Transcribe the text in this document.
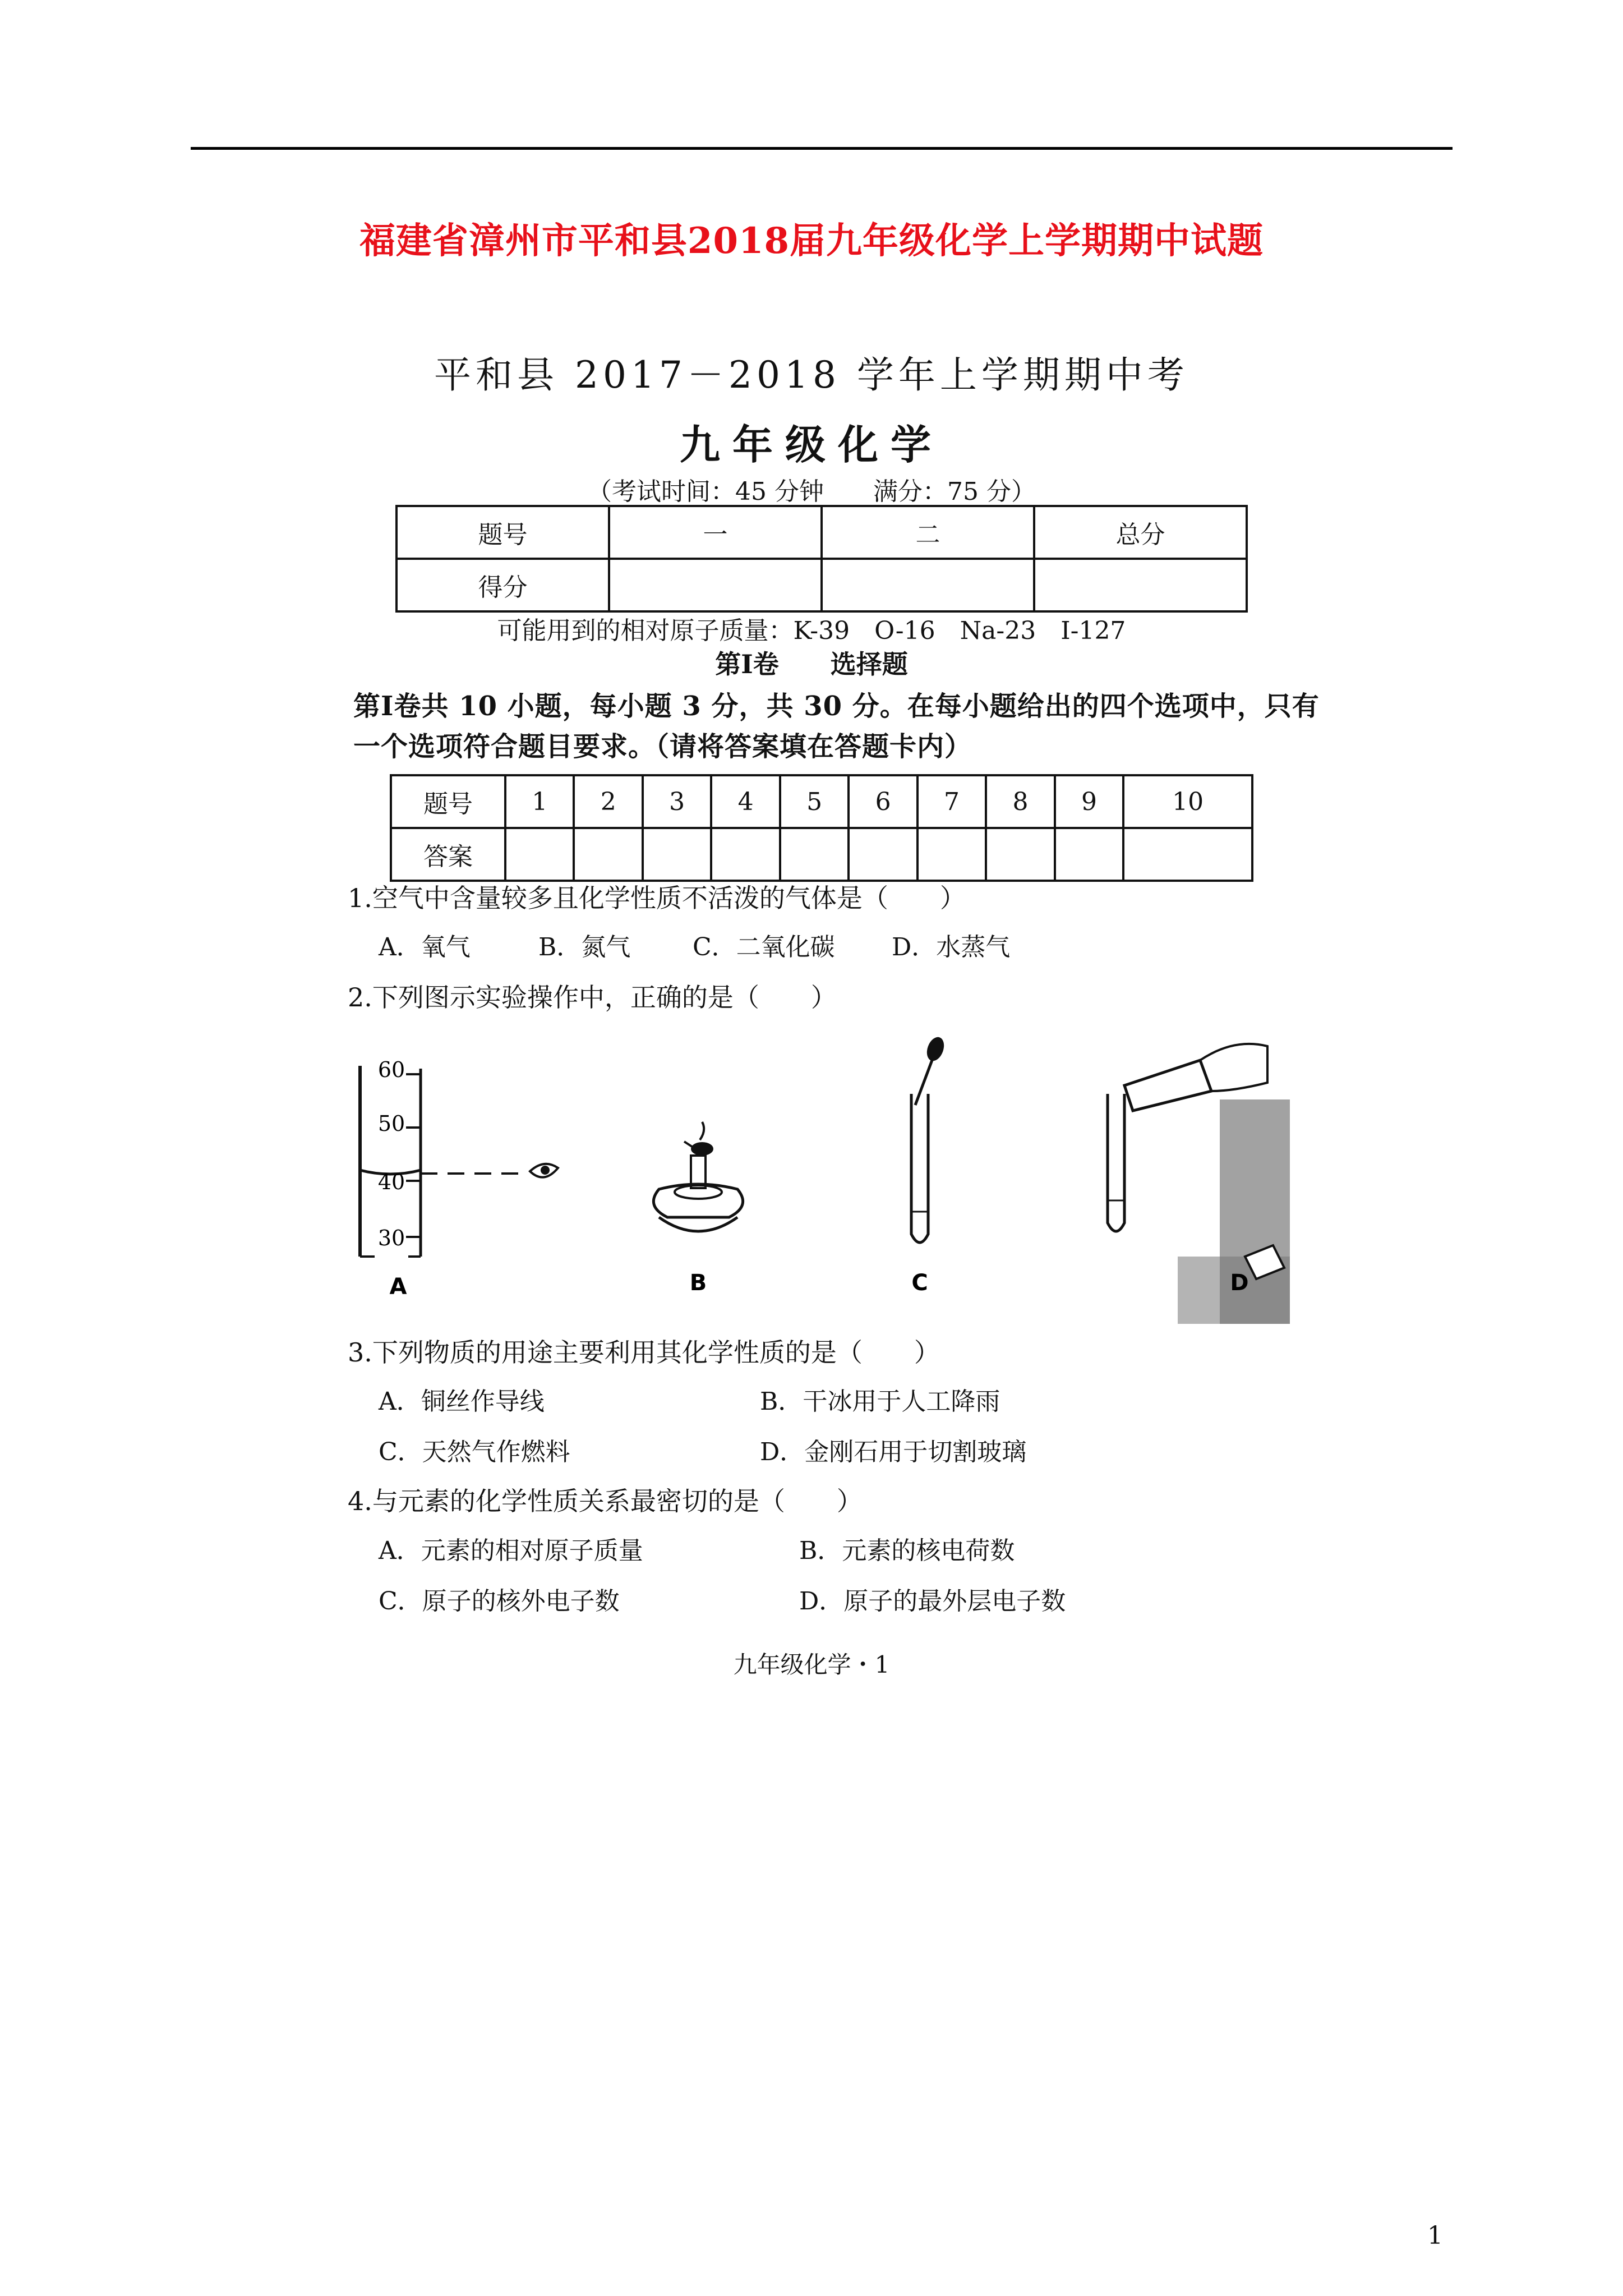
福建省漳州市平和县2018届九年级化学上学期期中试题
平和县 2017－2018 学年上学期期中考
九年级化学
（考试时间：45 分钟　　满分：75 分）
题号	一	二	总分
得分			
可能用到的相对原子质量：K-39　O-16　Na-23　I-127
第Ⅰ卷　　选择题
第Ⅰ卷共 10 小题，每小题 3 分，共 30 分。在每小题给出的四个选项中，只有
一个选项符合题目要求。（请将答案填在答题卡内）
题号	1	2	3	4	5	6	7	8	9	10
答案										
1.空气中含量较多且化学性质不活泼的气体是（　　）
A．氧气	B．氮气	C．二氧化碳 D．水蒸气
2.下列图示实验操作中，正确的是（　　）
60
50
40
30
A	B	C	D
3.下列物质的用途主要利用其化学性质的是（　　）
A．铜丝作导线	B．干冰用于人工降雨
C．天然气作燃料	D．金刚石用于切割玻璃
4.与元素的化学性质关系最密切的是（　　）
A．元素的相对原子质量	B．元素的核电荷数
C．原子的核外电子数	D．原子的最外层电子数
九年级化学・1
1
